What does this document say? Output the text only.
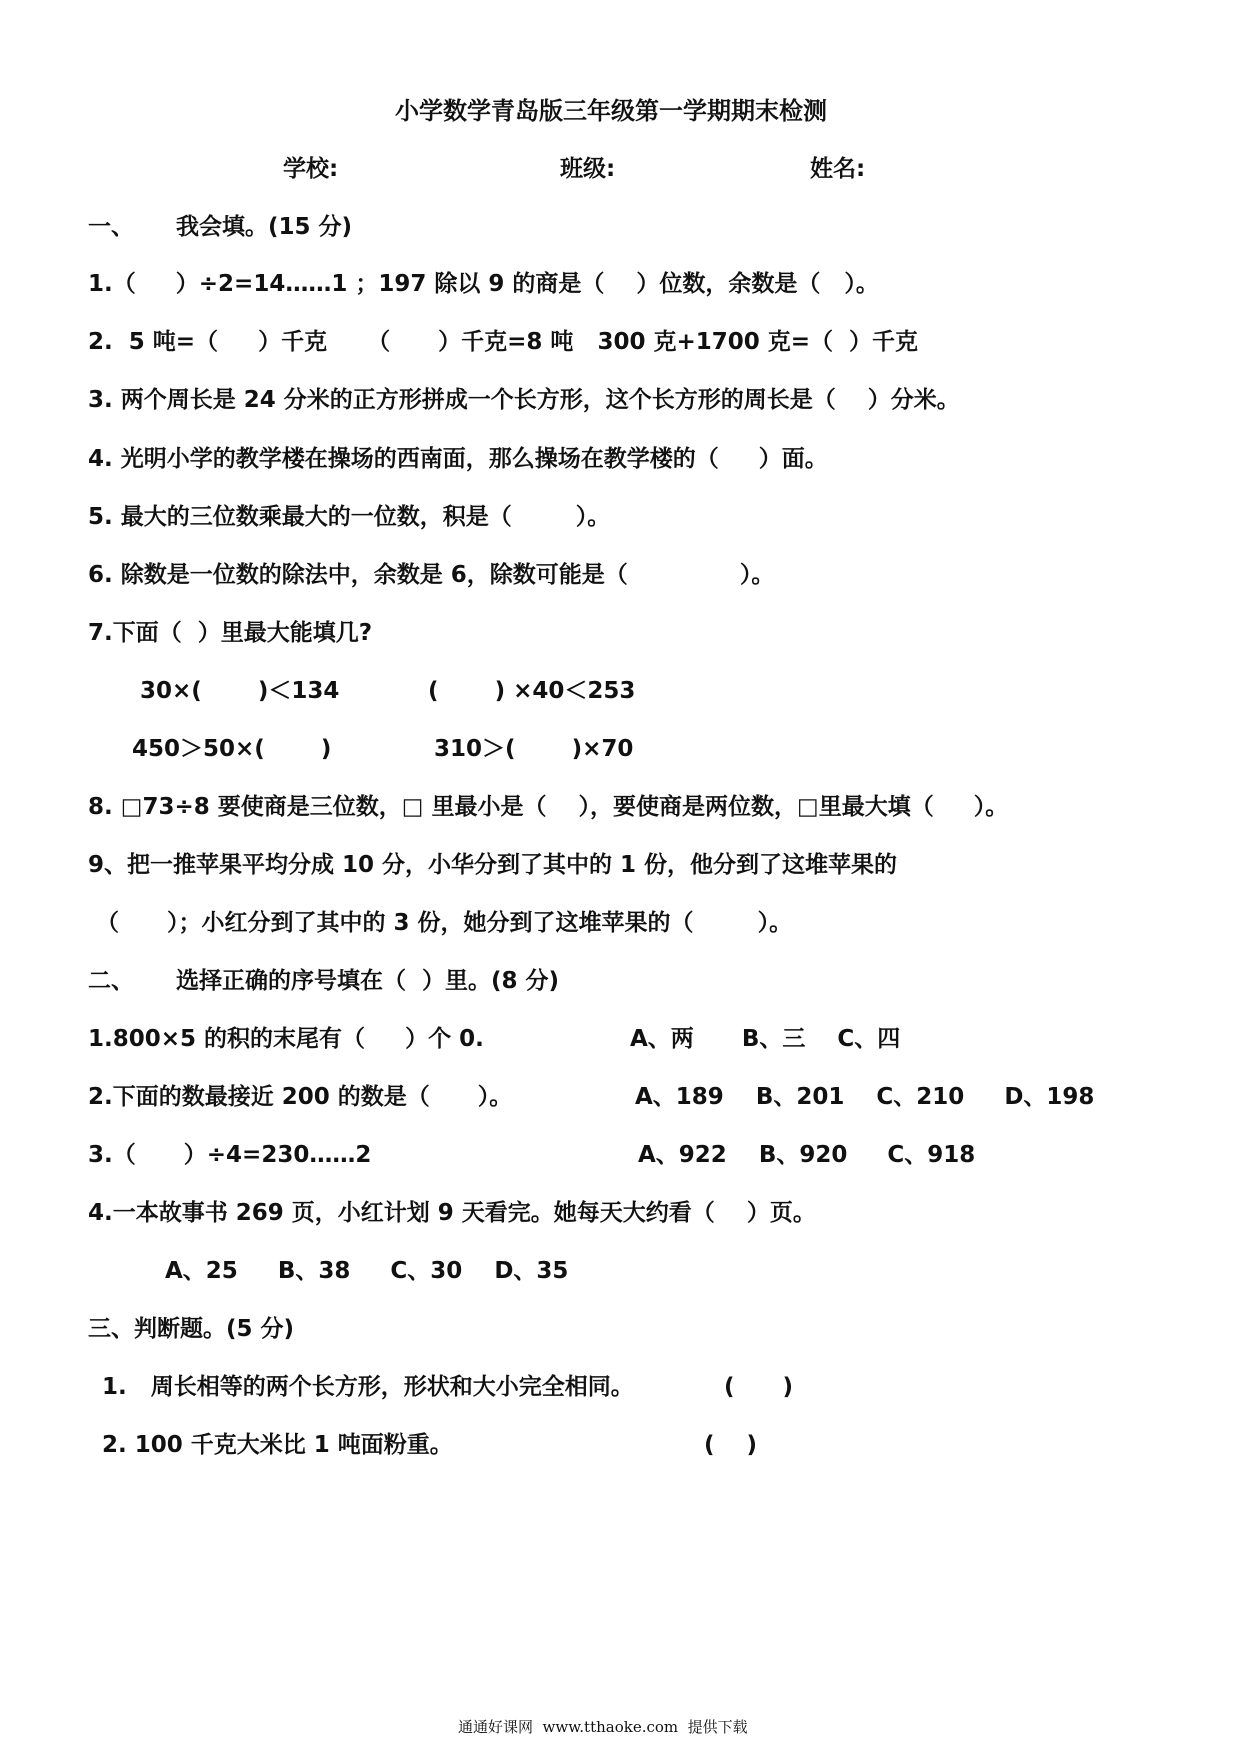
小学数学青岛版三年级第一学期期末检测
学校:	班级:	姓名:
一、 我会填。(15 分)
1.（     ）÷2=14……1 ；197 除以 9 的商是（    ）位数，余数是（   ）。
2.  5 吨=（     ）千克     （      ）千克=8 吨   300 克+1700 克=（  ）千克
3. 两个周长是 24 分米的正方形拼成一个长方形，这个长方形的周长是（    ）分米。
4. 光明小学的教学楼在操场的西南面，那么操场在教学楼的（     ）面。
5. 最大的三位数乘最大的一位数，积是（        ）。
6. 除数是一位数的除法中，余数是 6，除数可能是（              ）。
7.下面（  ）里最大能填几?
30×(       )＜134	(       ) ×40＜253
450＞50×(       )	310＞(       )×70
8. □73÷8 要使商是三位数，□ 里最小是（    ），要使商是两位数，□里最大填（     ）。
9、把一推苹果平均分成 10 分，小华分到了其中的 1 份，他分到了这堆苹果的
（      ）；小红分到了其中的 3 份，她分到了这堆苹果的（        ）。
二、 选择正确的序号填在（  ）里。(8 分)
1.800×5 的积的末尾有（     ）个 0.	A、两      B、三    C、四
2.下面的数最接近 200 的数是（      ）。	A、189    B、201    C、210     D、198
3.（      ）÷4=230……2	A、922    B、920     C、918
4.一本故事书 269 页，小红计划 9 天看完。她每天大约看（    ）页。
A、25     B、38     C、30    D、35
三、判断题。(5 分)
1.   周长相等的两个长方形，形状和大小完全相同。	(      )
2. 100 千克大米比 1 吨面粉重。	(    )
通通好课网  www.tthaoke.com  提供下载
